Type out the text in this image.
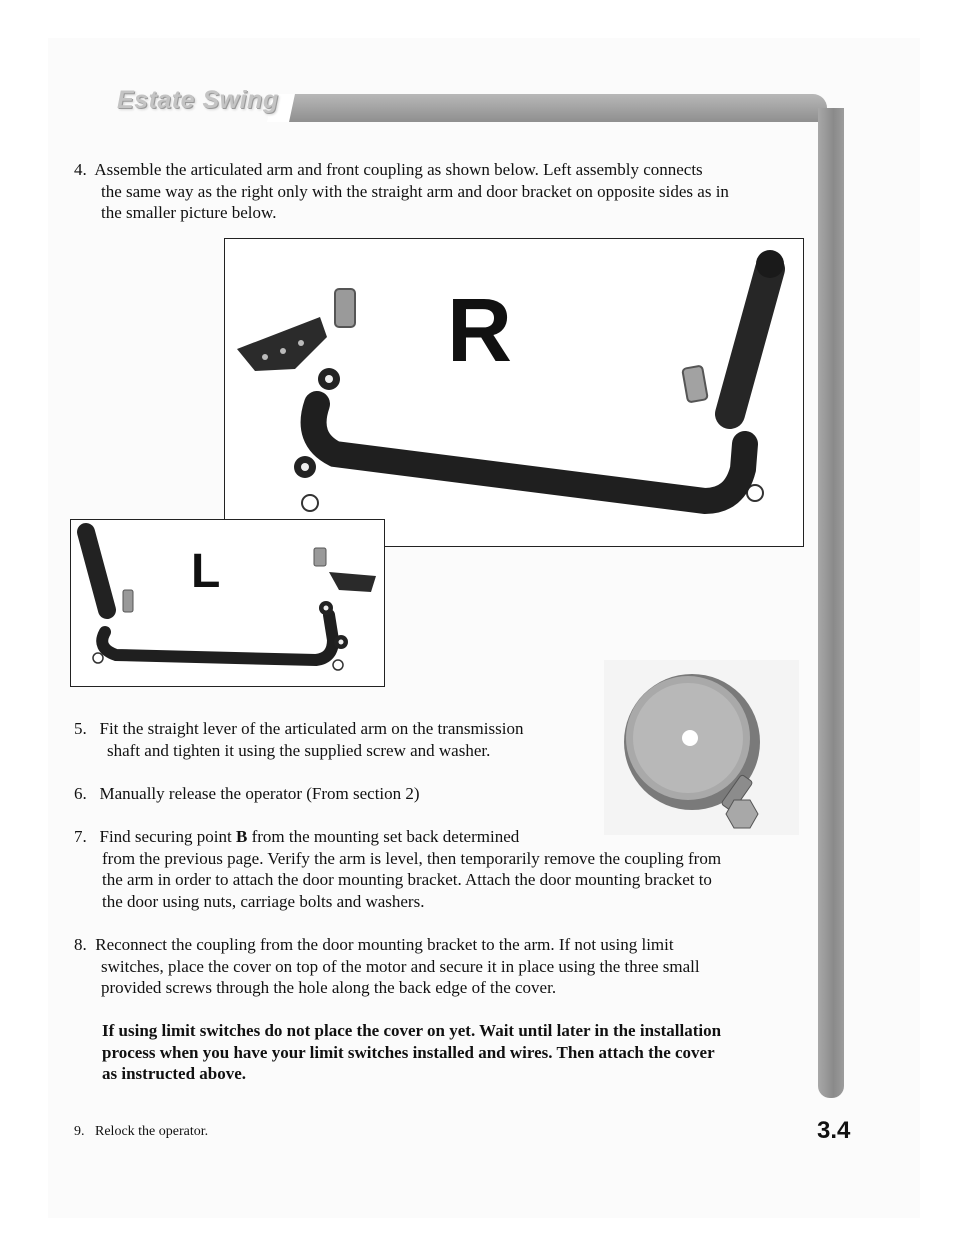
Estate Swing
4. Assemble the articulated arm and front coupling as shown below. Left assembly connects
the same way as the right only with the straight arm and door bracket on opposite sides as in
the smaller picture below.
R
L
5. Fit the straight lever of the articulated arm on the transmission
shaft and tighten it using the supplied screw and washer.
6. Manually release the operator (From section 2)
7. Find securing point B from the mounting set back determined
from the previous page. Verify the arm is level, then temporarily remove the coupling from
the arm in order to attach the door mounting bracket. Attach the door mounting bracket to
the door using nuts, carriage bolts and washers.
8. Reconnect the coupling from the door mounting bracket to the arm. If not using limit
switches, place the cover on top of the motor and secure it in place using the three small
provided screws through the hole along the back edge of the cover.
If using limit switches do not place the cover on yet. Wait until later in the installation
process when you have your limit switches installed and wires. Then attach the cover
as instructed above.
9. Relock the operator.	3.4
